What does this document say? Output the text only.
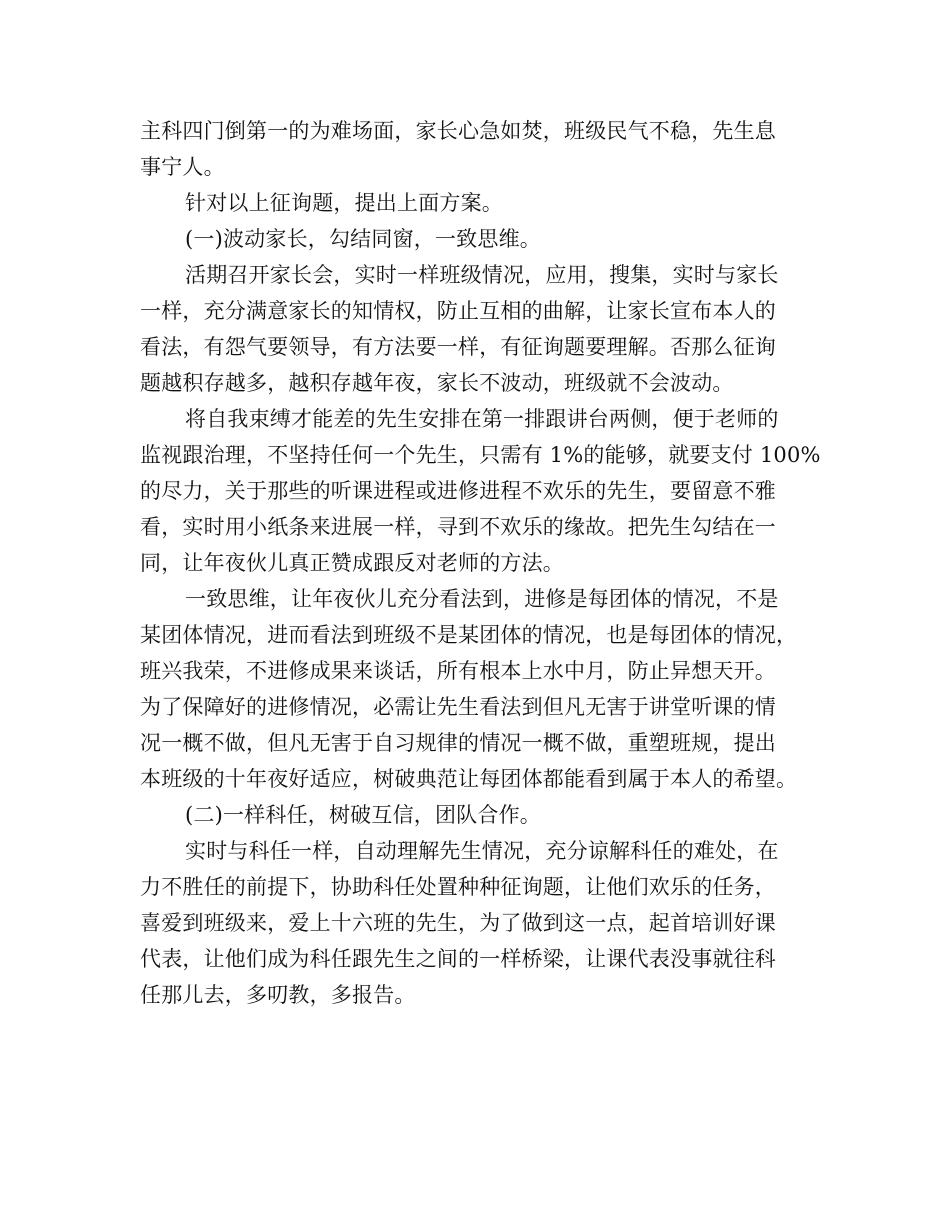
主科四门倒第一的为难场面，家长心急如焚，班级民气不稳，先生息
事宁人。
针对以上征询题，提出上面方案。
(一)波动家长，勾结同窗，一致思维。
活期召开家长会，实时一样班级情况，应用，搜集，实时与家长
一样，充分满意家长的知情权，防止互相的曲解，让家长宣布本人的
看法，有怨气要领导，有方法要一样，有征询题要理解。否那么征询
题越积存越多，越积存越年夜，家长不波动，班级就不会波动。
将自我束缚才能差的先生安排在第一排跟讲台两侧，便于老师的
监视跟治理，不坚持任何一个先生，只需有 1%的能够，就要支付 100%
的尽力，关于那些的听课进程或进修进程不欢乐的先生，要留意不雅
看，实时用小纸条来进展一样，寻到不欢乐的缘故。把先生勾结在一
同，让年夜伙儿真正赞成跟反对老师的方法。
一致思维，让年夜伙儿充分看法到，进修是每团体的情况，不是
某团体情况，进而看法到班级不是某团体的情况，也是每团体的情况，
班兴我荣，不进修成果来谈话，所有根本上水中月，防止异想天开。
为了保障好的进修情况，必需让先生看法到但凡无害于讲堂听课的情
况一概不做，但凡无害于自习规律的情况一概不做，重塑班规，提出
本班级的十年夜好适应，树破典范让每团体都能看到属于本人的希望。
(二)一样科任，树破互信，团队合作。
实时与科任一样，自动理解先生情况，充分谅解科任的难处，在
力不胜任的前提下，协助科任处置种种征询题，让他们欢乐的任务，
喜爱到班级来，爱上十六班的先生，为了做到这一点，起首培训好课
代表，让他们成为科任跟先生之间的一样桥梁，让课代表没事就往科
任那儿去，多叨教，多报告。
